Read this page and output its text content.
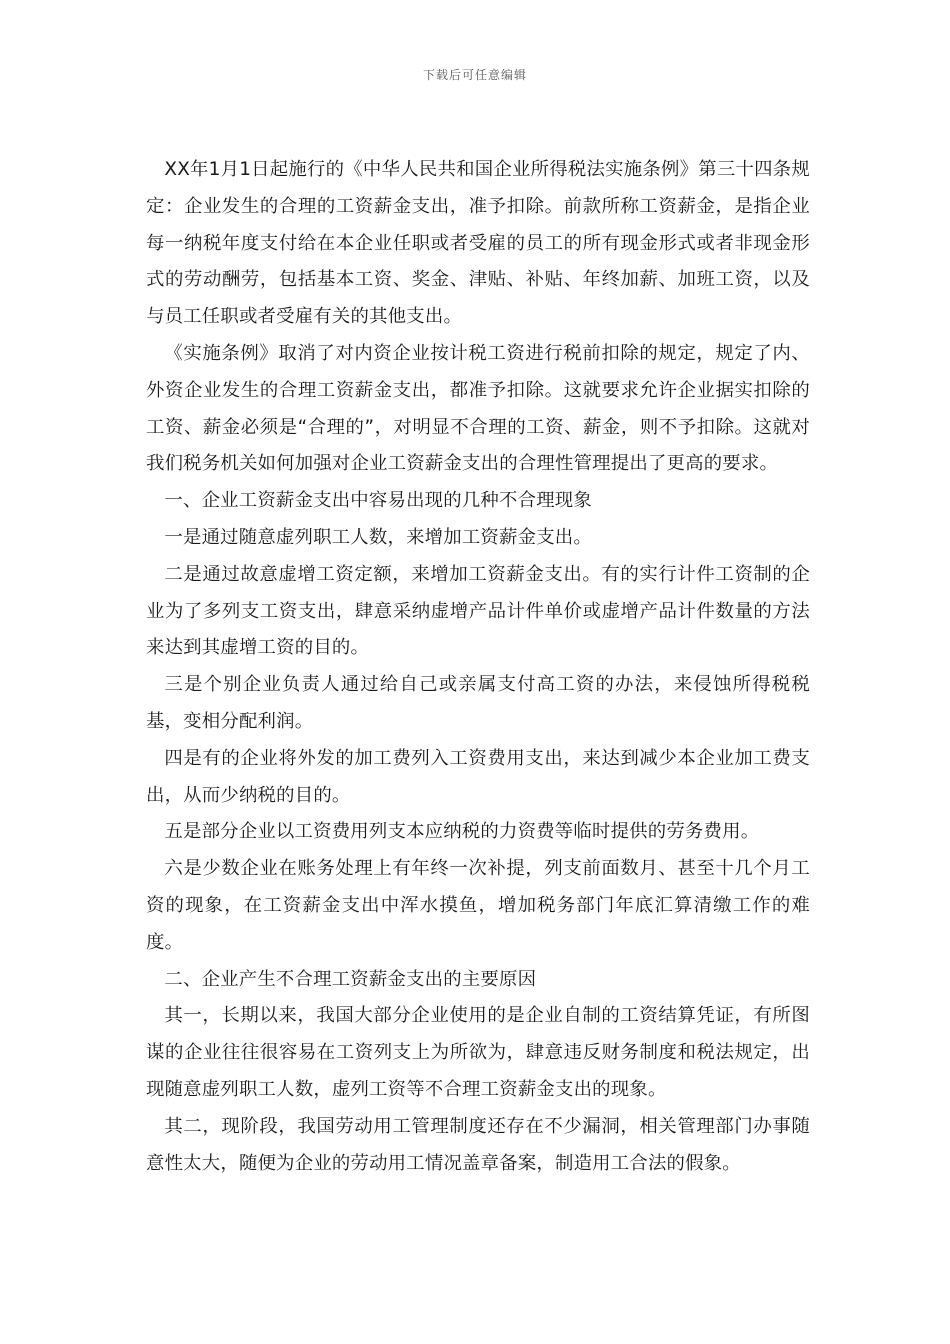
下载后可任意编辑

XX年1月1日起施行的《中华人民共和国企业所得税法实施条例》第三十四条规定：企业发生的合理的工资薪金支出，准予扣除。前款所称工资薪金，是指企业每一纳税年度支付给在本企业任职或者受雇的员工的所有现金形式或者非现金形式的劳动酬劳，包括基本工资、奖金、津贴、补贴、年终加薪、加班工资，以及与员工任职或者受雇有关的其他支出。

《实施条例》取消了对内资企业按计税工资进行税前扣除的规定，规定了内、外资企业发生的合理工资薪金支出，都准予扣除。这就要求允许企业据实扣除的工资、薪金必须是“合理的”，对明显不合理的工资、薪金，则不予扣除。这就对我们税务机关如何加强对企业工资薪金支出的合理性管理提出了更高的要求。

一、企业工资薪金支出中容易出现的几种不合理现象

一是通过随意虚列职工人数，来增加工资薪金支出。

二是通过故意虚增工资定额，来增加工资薪金支出。有的实行计件工资制的企业为了多列支工资支出，肆意采纳虚增产品计件单价或虚增产品计件数量的方法来达到其虚增工资的目的。

三是个别企业负责人通过给自己或亲属支付高工资的办法，来侵蚀所得税税基，变相分配利润。

四是有的企业将外发的加工费列入工资费用支出，来达到减少本企业加工费支出，从而少纳税的目的。

五是部分企业以工资费用列支本应纳税的力资费等临时提供的劳务费用。

六是少数企业在账务处理上有年终一次补提，列支前面数月、甚至十几个月工资的现象，在工资薪金支出中浑水摸鱼，增加税务部门年底汇算清缴工作的难度。

二、企业产生不合理工资薪金支出的主要原因

其一，长期以来，我国大部分企业使用的是企业自制的工资结算凭证，有所图谋的企业往往很容易在工资列支上为所欲为，肆意违反财务制度和税法规定，出现随意虚列职工人数，虚列工资等不合理工资薪金支出的现象。

其二，现阶段，我国劳动用工管理制度还存在不少漏洞，相关管理部门办事随意性太大，随便为企业的劳动用工情况盖章备案，制造用工合法的假象。
